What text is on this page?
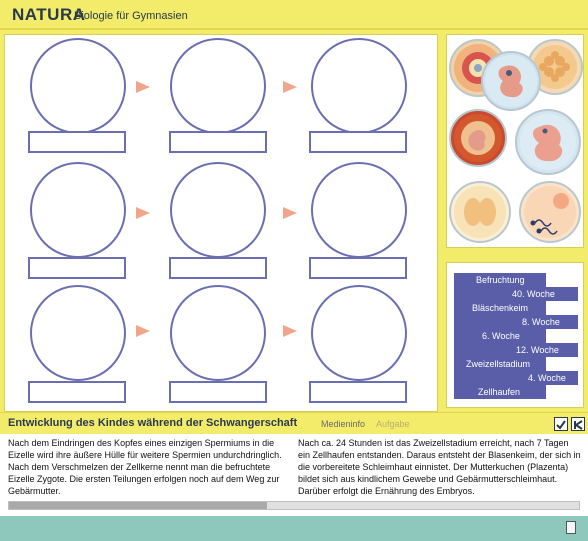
NATURA
Biologie für Gymnasien
Befruchtung
40. Woche
Bläschenkeim
8. Woche
6. Woche
12. Woche
Zweizellstadium
4. Woche
Zellhaufen
Entwicklung des Kindes während der Schwangerschaft	Medieninfo Aufgabe
Nach dem Eindringen des Kopfes eines einzigen Spermiums in die Eizelle wird ihre äußere Hülle für weitere Spermien undurchdringlich. Nach dem Verschmelzen der Zellkerne nennt man die befruchtete Eizelle Zygote. Die ersten Teilungen erfolgen noch auf dem Weg zur Gebärmutter.
Nach ca. 24 Stunden ist das Zweizellstadium erreicht, nach 7 Tagen ein Zellhaufen entstanden. Daraus entsteht der Blasenkeim, der sich in die vorbereitete Schleimhaut einnistet. Der Mutterkuchen (Plazenta) bildet sich aus kindlichem Gewebe und Gebärmutterschleimhaut. Darüber erfolgt die Ernährung des Embryos.
